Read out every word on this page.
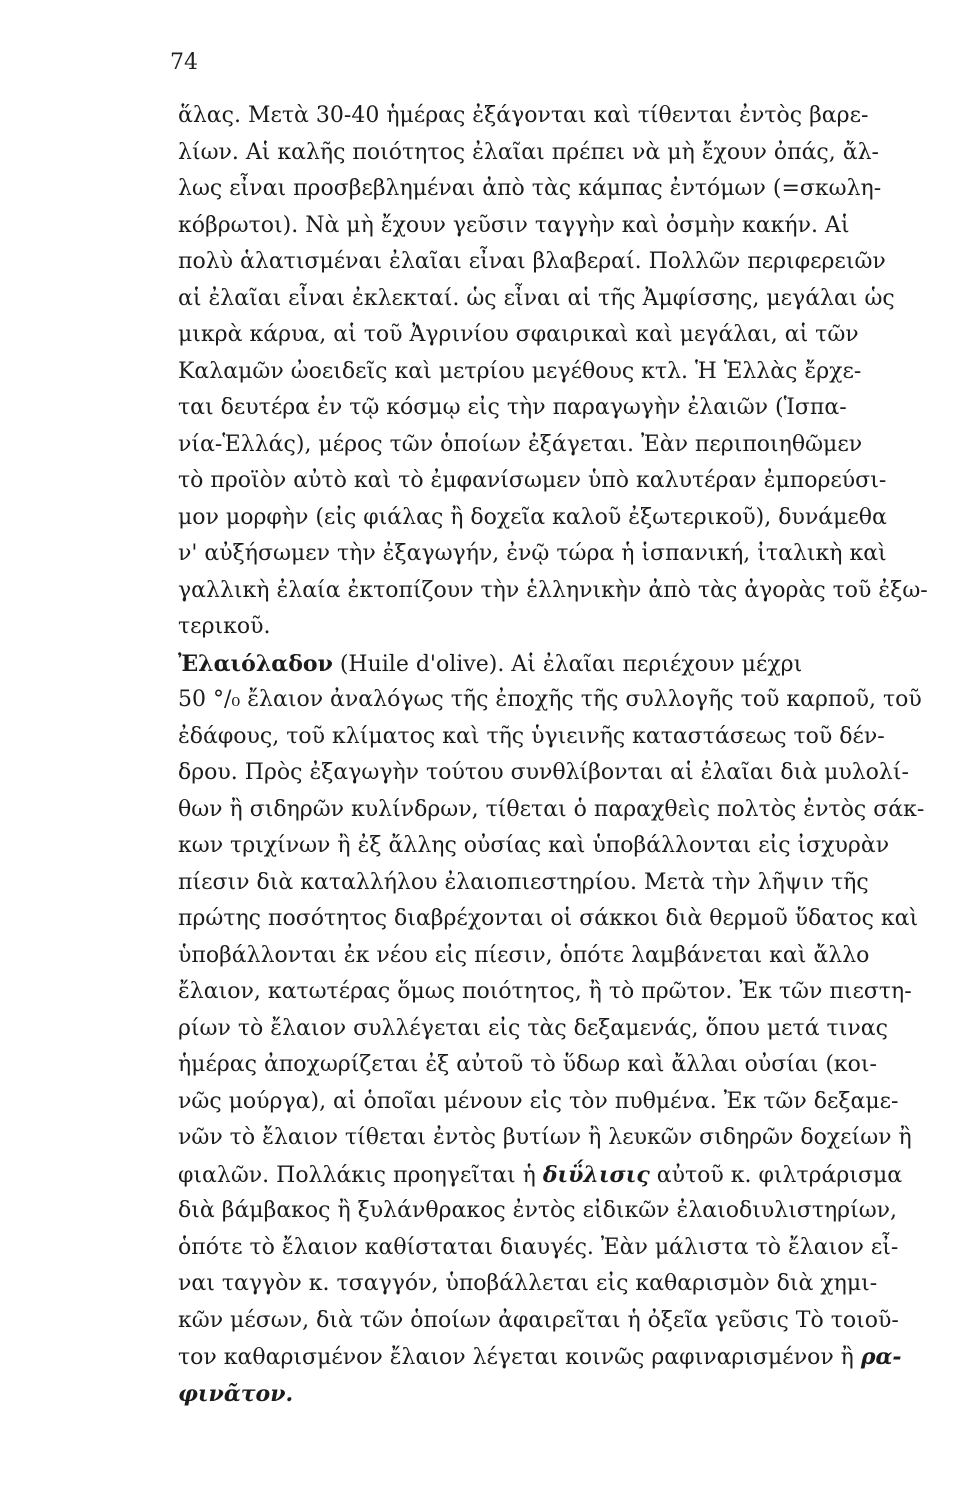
74
ἅλας. Μετὰ 30-40 ἡμέρας ἐξάγονται καὶ τίθενται ἐντὸς βαρε-
λίων. Αἱ καλῆς ποιότητος ἐλαῖαι πρέπει νὰ μὴ ἔχουν ὀπάς, ἄλ-
λως εἶναι προσβεβλημέναι ἀπὸ τὰς κάμπας ἐντόμων (=σκωλη-
κόβρωτοι). Νὰ μὴ ἔχουν γεῦσιν ταγγὴν καὶ ὀσμὴν κακήν. Αἱ
πολὺ ἁλατισμέναι ἐλαῖαι εἶναι βλαβεραί. Πολλῶν περιφερειῶν
αἱ ἐλαῖαι εἶναι ἐκλεκταί. ὡς εἶναι αἱ τῆς Ἀμφίσσης, μεγάλαι ὡς
μικρὰ κάρυα, αἱ τοῦ Ἀγρινίου σφαιρικαὶ καὶ μεγάλαι, αἱ τῶν
Καλαμῶν ὠοειδεῖς καὶ μετρίου μεγέθους κτλ. Ἡ Ἑλλὰς ἔρχε-
ται δευτέρα ἐν τῷ κόσμῳ εἰς τὴν παραγωγὴν ἐλαιῶν (Ἱσπα-
νία-Ἑλλάς), μέρος τῶν ὁποίων ἐξάγεται. Ἐὰν περιποιηθῶμεν
τὸ προϊὸν αὐτὸ καὶ τὸ ἐμφανίσωμεν ὑπὸ καλυτέραν ἐμπορεύσι-
μον μορφὴν (εἰς φιάλας ἢ δοχεῖα καλοῦ ἐξωτερικοῦ), δυνάμεθα
ν' αὐξήσωμεν τὴν ἐξαγωγήν, ἐνῷ τώρα ἡ ἱσπανική, ἰταλικὴ καὶ
γαλλικὴ ἐλαία ἐκτοπίζουν τὴν ἑλληνικὴν ἀπὸ τὰς ἀγορὰς τοῦ ἐξω-
τερικοῦ.
Ἐλαιόλαδον (Huile d'olive). Αἱ ἐλαῖαι περιέχουν μέχρι
50 °/₀ ἔλαιον ἀναλόγως τῆς ἐποχῆς τῆς συλλογῆς τοῦ καρποῦ, τοῦ
ἐδάφους, τοῦ κλίματος καὶ τῆς ὑγιεινῆς καταστάσεως τοῦ δέν-
δρου. Πρὸς ἐξαγωγὴν τούτου συνθλίβονται αἱ ἐλαῖαι διὰ μυλολί-
θων ἢ σιδηρῶν κυλίνδρων, τίθεται ὁ παραχθεὶς πολτὸς ἐντὸς σάκ-
κων τριχίνων ἢ ἐξ ἄλλης οὐσίας καὶ ὑποβάλλονται εἰς ἰσχυρὰν
πίεσιν διὰ καταλλήλου ἐλαιοπιεστηρίου. Μετὰ τὴν λῆψιν τῆς
πρώτης ποσότητος διαβρέχονται οἱ σάκκοι διὰ θερμοῦ ὕδατος καὶ
ὑποβάλλονται ἐκ νέου εἰς πίεσιν, ὁπότε λαμβάνεται καὶ ἄλλο
ἔλαιον, κατωτέρας ὅμως ποιότητος, ἢ τὸ πρῶτον. Ἐκ τῶν πιεστη-
ρίων τὸ ἔλαιον συλλέγεται εἰς τὰς δεξαμενάς, ὅπου μετά τινας
ἡμέρας ἀποχωρίζεται ἐξ αὐτοῦ τὸ ὕδωρ καὶ ἄλλαι οὐσίαι (κοι-
νῶς μούργα), αἱ ὁποῖαι μένουν εἰς τὸν πυθμένα. Ἐκ τῶν δεξαμε-
νῶν τὸ ἔλαιον τίθεται ἐντὸς βυτίων ἢ λευκῶν σιδηρῶν δοχείων ἢ
φιαλῶν. Πολλάκις προηγεῖται ἡ διΰλισις αὐτοῦ κ. φιλτράρισμα
διὰ βάμβακος ἢ ξυλάνθρακος ἐντὸς εἰδικῶν ἐλαιοδιυλιστηρίων,
ὁπότε τὸ ἔλαιον καθίσταται διαυγές. Ἐὰν μάλιστα τὸ ἔλαιον εἶ-
ναι ταγγὸν κ. τσαγγόν, ὑποβάλλεται εἰς καθαρισμὸν διὰ χημι-
κῶν μέσων, διὰ τῶν ὁποίων ἀφαιρεῖται ἡ ὀξεῖα γεῦσις Τὸ τοιοῦ-
τον καθαρισμένον ἔλαιον λέγεται κοινῶς ραφιναρισμένον ἢ ρα-
φινᾶτον.
